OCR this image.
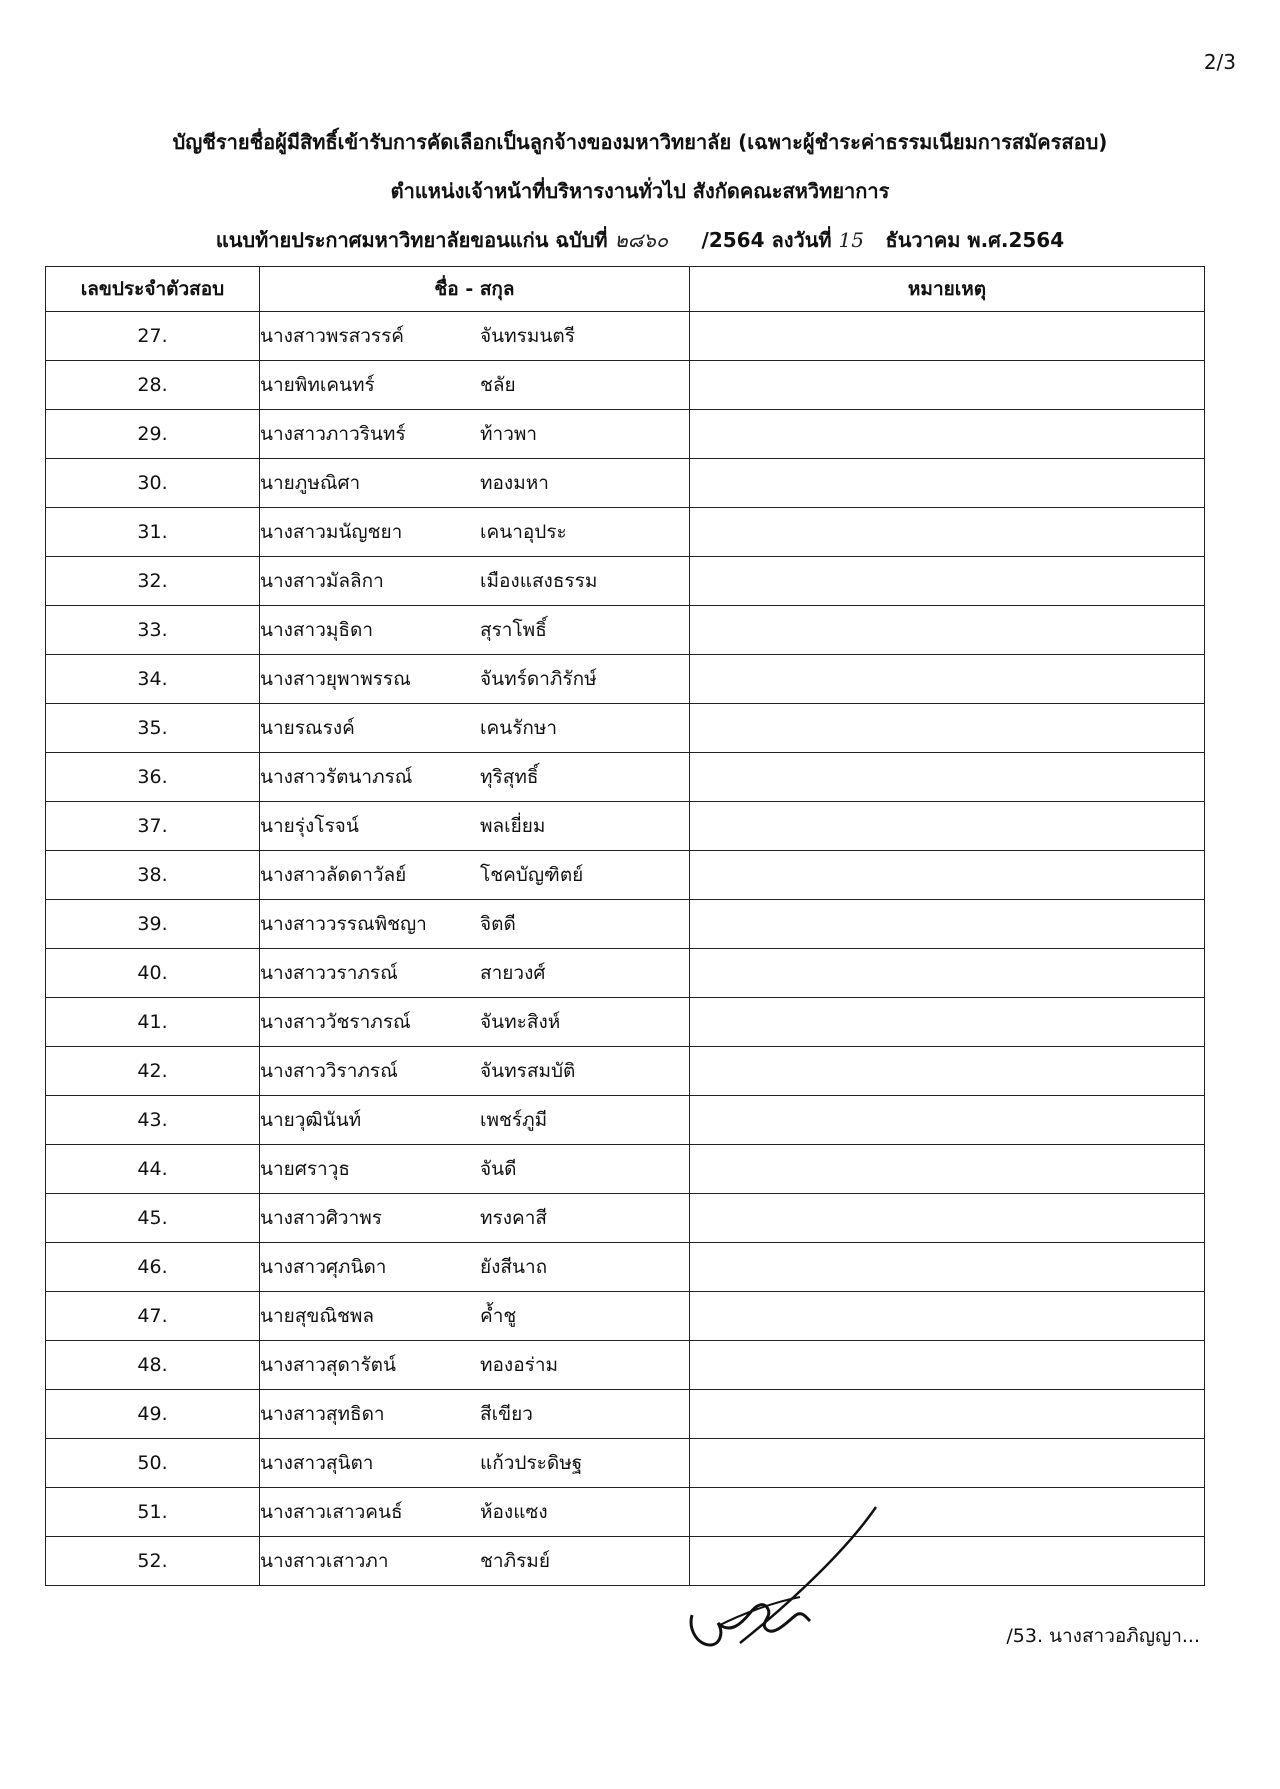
2/3
บัญชีรายชื่อผู้มีสิทธิ์เข้ารับการคัดเลือกเป็นลูกจ้างของมหาวิทยาลัย (เฉพาะผู้ชำระค่าธรรมเนียมการสมัครสอบ)
ตำแหน่งเจ้าหน้าที่บริหารงานทั่วไป สังกัดคณะสหวิทยาการ
แนบท้ายประกาศมหาวิทยาลัยขอนแก่น ฉบับที่ ๒๘๖๐ /2564 ลงวันที่ 15 ธันวาคม พ.ศ.2564
เลขประจำตัวสอบ	ชื่อ - สกุล	หมายเหตุ
27.	นางสาวพรสวรรค์ จันทรมนตรี	
28.	นายพิทเคนทร์ ชลัย	
29.	นางสาวภาวรินทร์ ท้าวพา	
30.	นายภูษณิศา ทองมหา	
31.	นางสาวมนัญชยา เคนาอุประ	
32.	นางสาวมัลลิกา เมืองแสงธรรม	
33.	นางสาวมุธิดา สุราโพธิ์	
34.	นางสาวยุพาพรรณ จันทร์ดาภิรักษ์	
35.	นายรณรงค์ เคนรักษา	
36.	นางสาวรัตนาภรณ์ ทุริสุทธิ์	
37.	นายรุ่งโรจน์ พลเยี่ยม	
38.	นางสาวลัดดาวัลย์ โชคบัญฑิตย์	
39.	นางสาววรรณพิชญา จิตดี	
40.	นางสาววราภรณ์ สายวงศ์	
41.	นางสาววัชราภรณ์ จันทะสิงห์	
42.	นางสาววิราภรณ์ จันทรสมบัติ	
43.	นายวุฒินันท์ เพชร์ภูมี	
44.	นายศราวุธ จันดี	
45.	นางสาวศิวาพร ทรงคาสี	
46.	นางสาวศุภนิดา ยังสีนาถ	
47.	นายสุขณิชพล ค้ำชู	
48.	นางสาวสุดารัตน์ ทองอร่าม	
49.	นางสาวสุทธิดา สีเขียว	
50.	นางสาวสุนิตา แก้วประดิษฐ	
51.	นางสาวเสาวคนธ์ ห้องแซง	
52.	นางสาวเสาวภา ชาภิรมย์	
/53. นางสาวอภิญญา...
